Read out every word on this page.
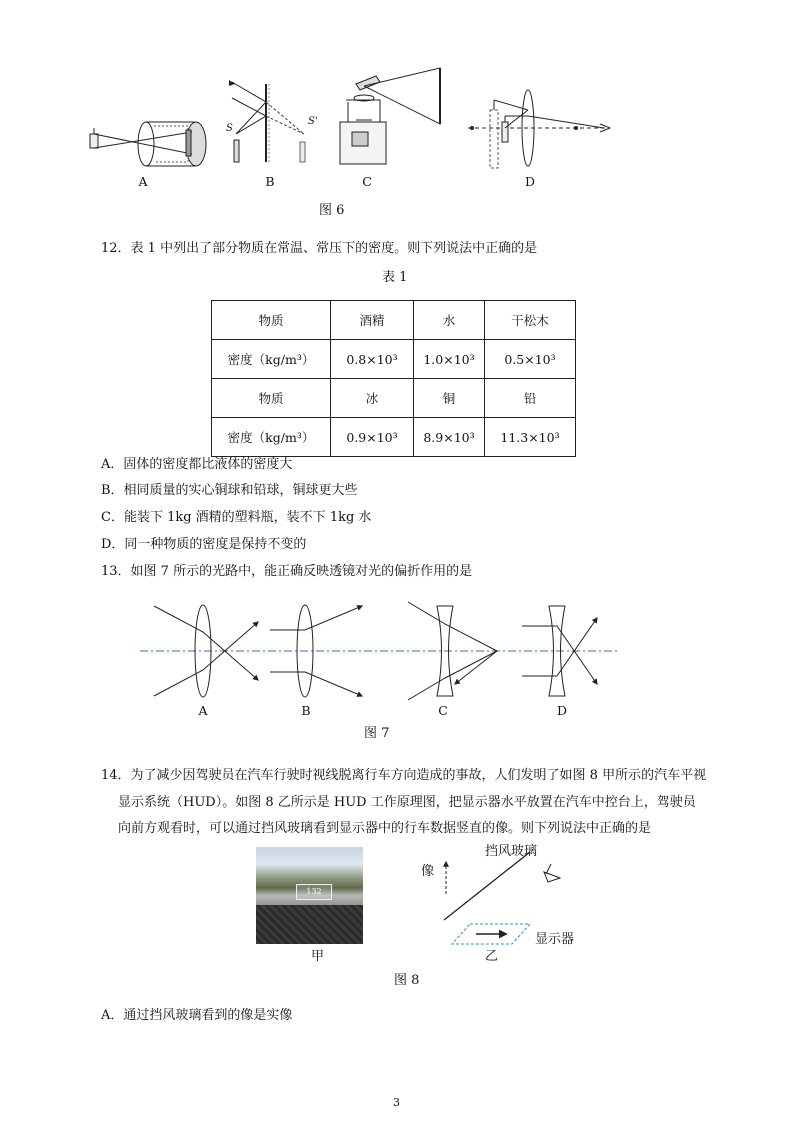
S
S'
A	B	C	D
图 6
12．表 1 中列出了部分物质在常温、常压下的密度。则下列说法中正确的是
表 1
物质	酒精	水	干松木
密度（kg/m³）	0.8×10³	1.0×10³	0.5×10³
物质	冰	铜	铅
密度（kg/m³）	0.9×10³	8.9×10³	11.3×10³
A．固体的密度都比液体的密度大
B．相同质量的实心铜球和铅球，铜球更大些
C．能装下 1kg 酒精的塑料瓶，装不下 1kg 水
D．同一种物质的密度是保持不变的
13．如图 7 所示的光路中，能正确反映透镜对光的偏折作用的是
A	B	C	D
图 7
14．为了减少因驾驶员在汽车行驶时视线脱离行车方向造成的事故，人们发明了如图 8 甲所示的汽车平视
显示系统（HUD）。如图 8 乙所示是 HUD 工作原理图，把显示器水平放置在汽车中控台上，驾驶员
向前方观看时，可以通过挡风玻璃看到显示器中的行车数据竖直的像。则下列说法中正确的是
132
像
挡风玻璃
显示器
甲	乙
图 8
A．通过挡风玻璃看到的像是实像
3
